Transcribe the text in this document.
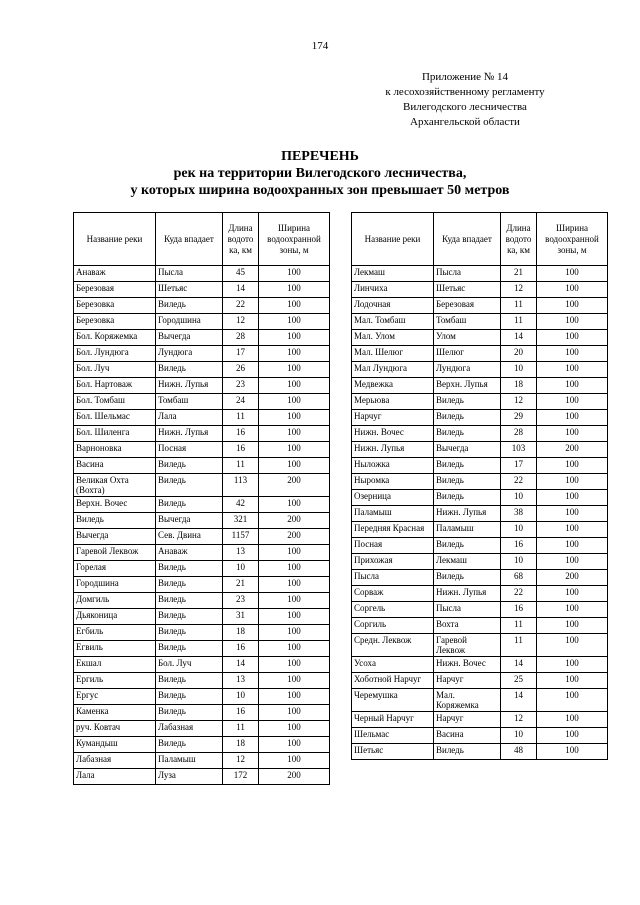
174
Приложение № 14
к лесохозяйственному регламенту
Вилегодского лесничества
Архангельской области
ПЕРЕЧЕНЬ
рек на территории Вилегодского лесничества,
у которых ширина водоохранных зон превышает 50 метров
Название реки	Куда впадает	Длина водото ка, км	Ширина водоохранной зоны, м
Анаваж	Пысла	45	100
Березовая	Шетьяс	14	100
Березовка	Виледь	22	100
Березовка	Городшина	12	100
Бол. Коряжемка	Вычегда	28	100
Бол. Лундюга	Лундюга	17	100
Бол. Луч	Виледь	26	100
Бол. Нартоваж	Нижн. Лупья	23	100
Бол. Томбаш	Томбаш	24	100
Бол. Шельмас	Лала	11	100
Бол. Шиленга	Нижн. Лупья	16	100
Варноновка	Посная	16	100
Васина	Виледь	11	100
Великая Охта (Вохта)	Виледь	113	200
Верхн. Вочес	Виледь	42	100
Виледь	Вычегда	321	200
Вычегда	Сев. Двина	1157	200
Гаревой Леквож	Анаваж	13	100
Горелая	Виледь	10	100
Городшина	Виледь	21	100
Домгиль	Виледь	23	100
Дьяконица	Виледь	31	100
Егбиль	Виледь	18	100
Егвиль	Виледь	16	100
Екшал	Бол. Луч	14	100
Ергиль	Виледь	13	100
Ергус	Виледь	10	100
Каменка	Виледь	16	100
руч. Ковтач	Лабазная	11	100
Кумандыш	Виледь	18	100
Лабазная	Паламыш	12	100
Лала	Луза	172	200
Название реки	Куда впадает	Длина водото ка, км	Ширина водоохранной зоны, м
Лекмаш	Пысла	21	100
Линчиха	Шетьяс	12	100
Лодочная	Березовая	11	100
Мал. Томбаш	Томбаш	11	100
Мал. Улом	Улом	14	100
Мал. Шелюг	Шелюг	20	100
Мал Лундюга	Лундюга	10	100
Медвежка	Верхн. Лупья	18	100
Мерьюва	Виледь	12	100
Нарчуг	Виледь	29	100
Нижн. Вочес	Виледь	28	100
Нижн. Лупья	Вычегда	103	200
Ныложка	Виледь	17	100
Ныромка	Виледь	22	100
Озерница	Виледь	10	100
Паламыш	Нижн. Лупья	38	100
Передняя Красная	Паламыш	10	100
Посная	Виледь	16	100
Прихожая	Лекмаш	10	100
Пысла	Виледь	68	200
Сорваж	Нижн. Лупья	22	100
Соргель	Пысла	16	100
Соргиль	Вохта	11	100
Средн. Леквож	Гаревой Леквож	11	100
Усоха	Нижн. Вочес	14	100
Хоботной Нарчуг	Нарчуг	25	100
Черемушка	Мал. Коряжемка	14	100
Черный Нарчуг	Нарчуг	12	100
Шельмас	Васина	10	100
Шетьяс	Виледь	48	100
